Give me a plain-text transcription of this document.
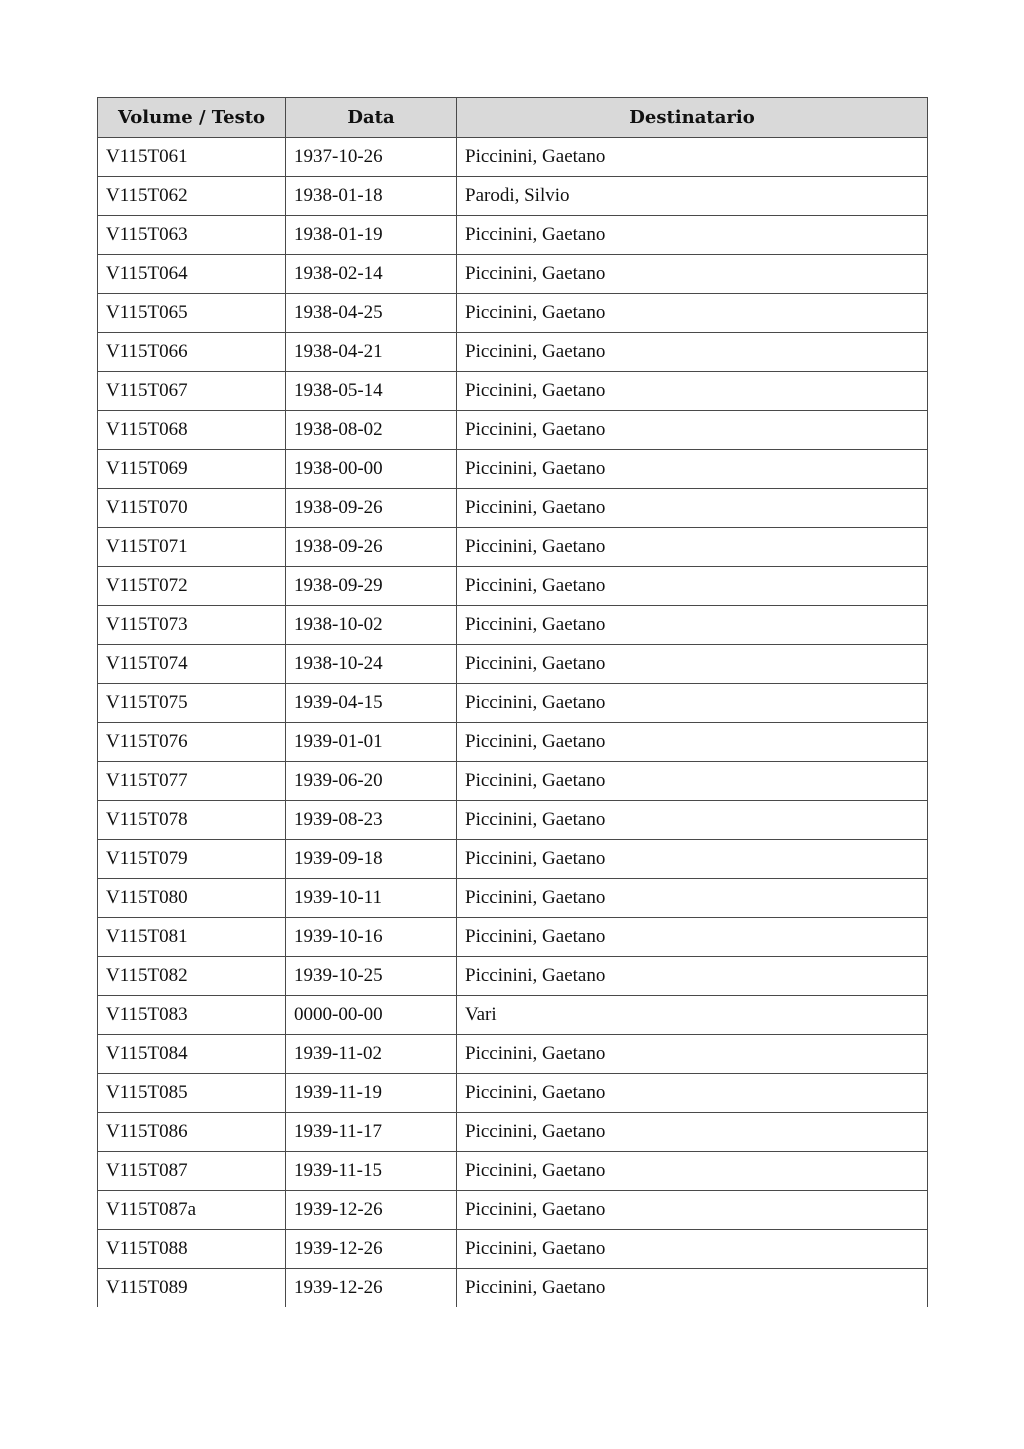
Volume / Testo	Data	Destinatario
V115T061	1937-10-26	Piccinini, Gaetano
V115T062	1938-01-18	Parodi, Silvio
V115T063	1938-01-19	Piccinini, Gaetano
V115T064	1938-02-14	Piccinini, Gaetano
V115T065	1938-04-25	Piccinini, Gaetano
V115T066	1938-04-21	Piccinini, Gaetano
V115T067	1938-05-14	Piccinini, Gaetano
V115T068	1938-08-02	Piccinini, Gaetano
V115T069	1938-00-00	Piccinini, Gaetano
V115T070	1938-09-26	Piccinini, Gaetano
V115T071	1938-09-26	Piccinini, Gaetano
V115T072	1938-09-29	Piccinini, Gaetano
V115T073	1938-10-02	Piccinini, Gaetano
V115T074	1938-10-24	Piccinini, Gaetano
V115T075	1939-04-15	Piccinini, Gaetano
V115T076	1939-01-01	Piccinini, Gaetano
V115T077	1939-06-20	Piccinini, Gaetano
V115T078	1939-08-23	Piccinini, Gaetano
V115T079	1939-09-18	Piccinini, Gaetano
V115T080	1939-10-11	Piccinini, Gaetano
V115T081	1939-10-16	Piccinini, Gaetano
V115T082	1939-10-25	Piccinini, Gaetano
V115T083	0000-00-00	Vari
V115T084	1939-11-02	Piccinini, Gaetano
V115T085	1939-11-19	Piccinini, Gaetano
V115T086	1939-11-17	Piccinini, Gaetano
V115T087	1939-11-15	Piccinini, Gaetano
V115T087a	1939-12-26	Piccinini, Gaetano
V115T088	1939-12-26	Piccinini, Gaetano
V115T089	1939-12-26	Piccinini, Gaetano
